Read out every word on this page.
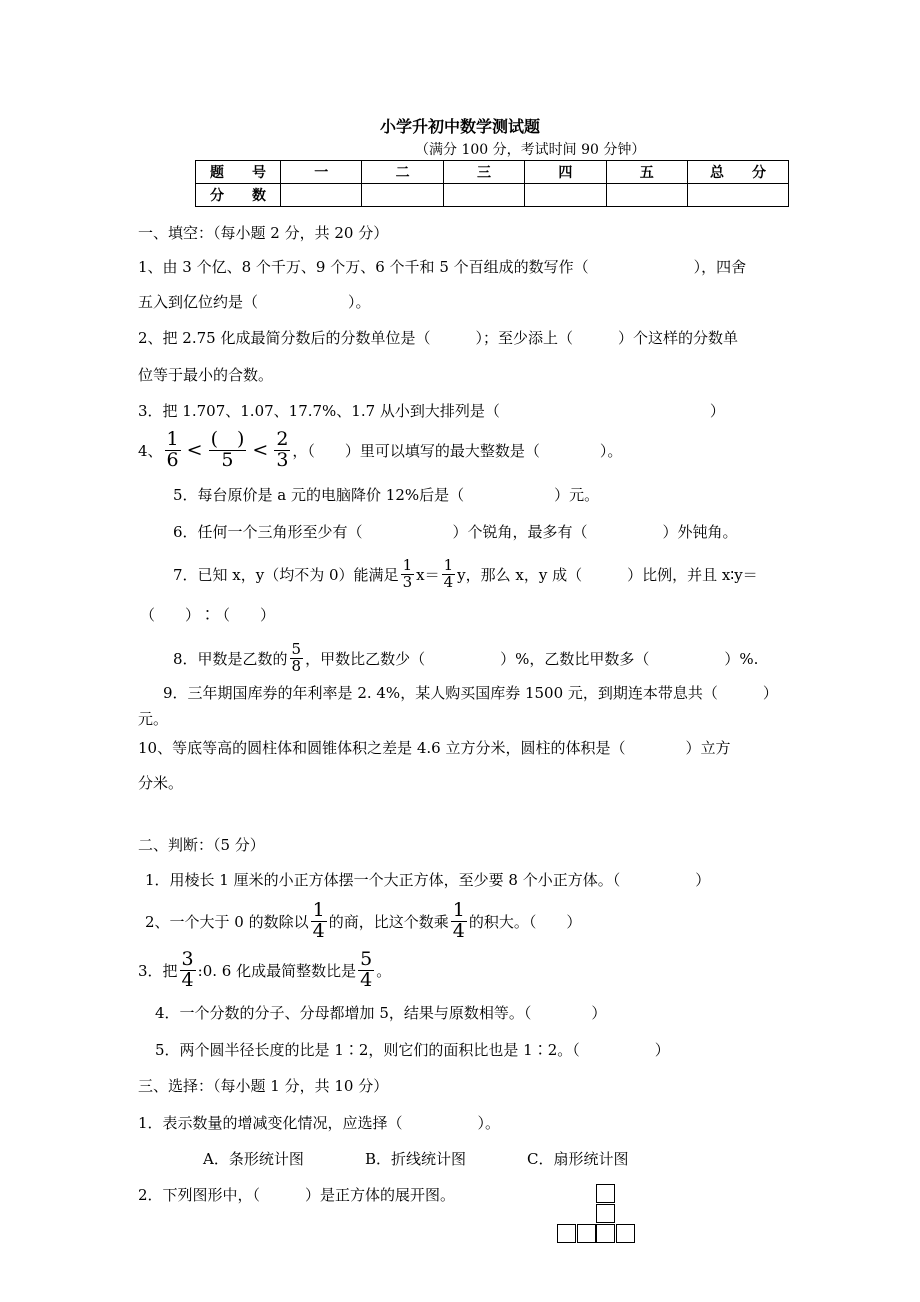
小学升初中数学测试题
（满分 100 分，考试时间 90 分钟）
题　　号	一	二	三	四	五	总　　分
分　　数						
一、填空：（每小题 2 分，共 20 分）
1、由 3 个亿、8 个千万、9 个万、6 个千和 5 个百组成的数写作（　　　　　　　），四舍
五入到亿位约是（　　　　　　）。
2、把 2.75 化成最简分数后的分数单位是（　　　）；至少添上（　　　）个这样的分数单
位等于最小的合数。
3．把 1.707、1.07、17.7%、1.7 从小到大排列是（　　　　　　　　　　　　　　）
4、 $\frac{1}{6} < \frac{( )}{5} < \frac{2}{3}$ ，（　　）里可以填写的最大整数是（　　　　）。
5．每台原价是 a 元的电脑降价 12%后是（　　　　　　）元。
6．任何一个三角形至少有（　　　　　　）个锐角，最多有（　　　　　）外钝角。
7．已知 x，y（均不为 0）能满足 $\frac{1}{3} x= \frac{1}{4}$ y，那么 x，y 成（　　　）比例，并且 x∶y＝
（　　）∶（　　）
8．甲数是乙数的 $\frac{5}{8}$ ，甲数比乙数少（　　　　　）%，乙数比甲数多（　　　　　）%.
9．三年期国库券的年利率是 2. 4%，某人购买国库券 1500 元，到期连本带息共（　　　）
元。
10、等底等高的圆柱体和圆锥体积之差是 4.6 立方分米，圆柱的体积是（　　　　）立方
分米。
二、判断：（5 分）
1．用棱长 1 厘米的小正方体摆一个大正方体，至少要 8 个小正方体。（　　　　　）
2、一个大于 0 的数除以 $\frac{1}{4}$ 的商，比这个数乘 $\frac{1}{4}$ 的积大。（　　）
3．把 $\frac{3}{4}$ :0. 6 化成最简整数比是 $\frac{5}{4}$ 。
4．一个分数的分子、分母都增加 5，结果与原数相等。（　　　　）
5．两个圆半径长度的比是 1∶2，则它们的面积比也是 1∶2。（　　　　　）
三、选择：（每小题 1 分，共 10 分）
1．表示数量的增减变化情况，应选择（　　　　　）。
A．条形统计图	B．折线统计图	C．扇形统计图
2．下列图形中，（　　　）是正方体的展开图。
